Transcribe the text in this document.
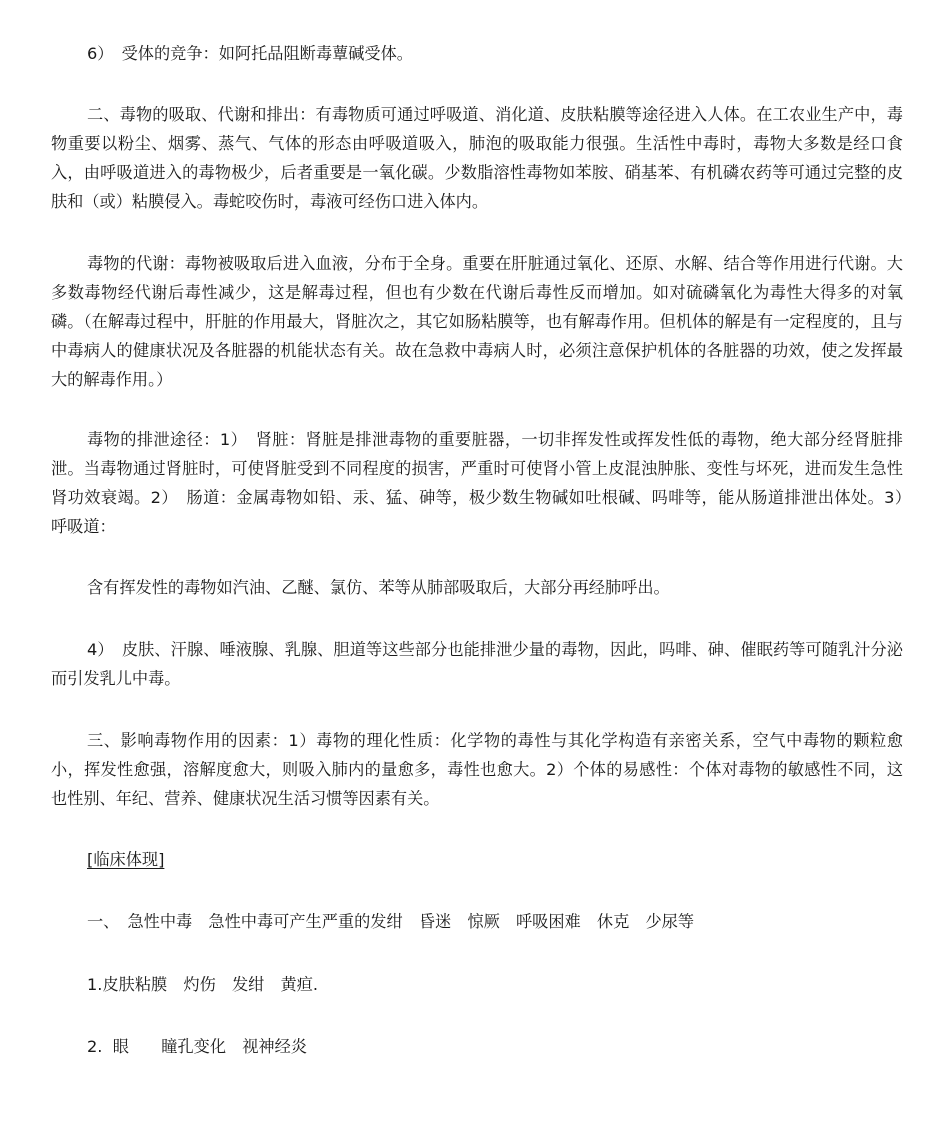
6）　受体的竞争：如阿托品阻断毒蕈碱受体。

二、毒物的吸取、代谢和排出：有毒物质可通过呼吸道、消化道、皮肤粘膜等途径进入人体。在工农业生产中，毒物重要以粉尘、烟雾、蒸气、气体的形态由呼吸道吸入，肺泡的吸取能力很强。生活性中毒时，毒物大多数是经口食入，由呼吸道进入的毒物极少，后者重要是一氧化碳。少数脂溶性毒物如苯胺、硝基苯、有机磷农药等可通过完整的皮肤和（或）粘膜侵入。毒蛇咬伤时，毒液可经伤口进入体内。

毒物的代谢：毒物被吸取后进入血液，分布于全身。重要在肝脏通过氧化、还原、水解、结合等作用进行代谢。大多数毒物经代谢后毒性减少，这是解毒过程，但也有少数在代谢后毒性反而增加。如对硫磷氧化为毒性大得多的对氧磷。（在解毒过程中，肝脏的作用最大，肾脏次之，其它如肠粘膜等，也有解毒作用。但机体的解是有一定程度的，且与中毒病人的健康状况及各脏器的机能状态有关。故在急救中毒病人时，必须注意保护机体的各脏器的功效，使之发挥最大的解毒作用。）

毒物的排泄途径：1）　肾脏：肾脏是排泄毒物的重要脏器，一切非挥发性或挥发性低的毒物，绝大部分经肾脏排泄。当毒物通过肾脏时，可使肾脏受到不同程度的损害，严重时可使肾小管上皮混浊肿胀、变性与坏死，进而发生急性肾功效衰竭。2）　肠道：金属毒物如铅、汞、猛、砷等，极少数生物碱如吐根碱、吗啡等，能从肠道排泄出体处。3）　呼吸道：

含有挥发性的毒物如汽油、乙醚、氯仿、苯等从肺部吸取后，大部分再经肺呼出。

4）　皮肤、汗腺、唾液腺、乳腺、胆道等这些部分也能排泄少量的毒物，因此，吗啡、砷、催眠药等可随乳汁分泌而引发乳儿中毒。

三、影响毒物作用的因素：1）毒物的理化性质：化学物的毒性与其化学构造有亲密关系，空气中毒物的颗粒愈小，挥发性愈强，溶解度愈大，则吸入肺内的量愈多，毒性也愈大。2）个体的易感性：个体对毒物的敏感性不同，这也性别、年纪、营养、健康状况生活习惯等因素有关。

[临床体现]

一、　急性中毒　急性中毒可产生严重的发绀　昏迷　惊厥　呼吸困难　休克　少尿等

1.皮肤粘膜　灼伤　发绀　黄疸.

2.  眼　　瞳孔变化　视神经炎
